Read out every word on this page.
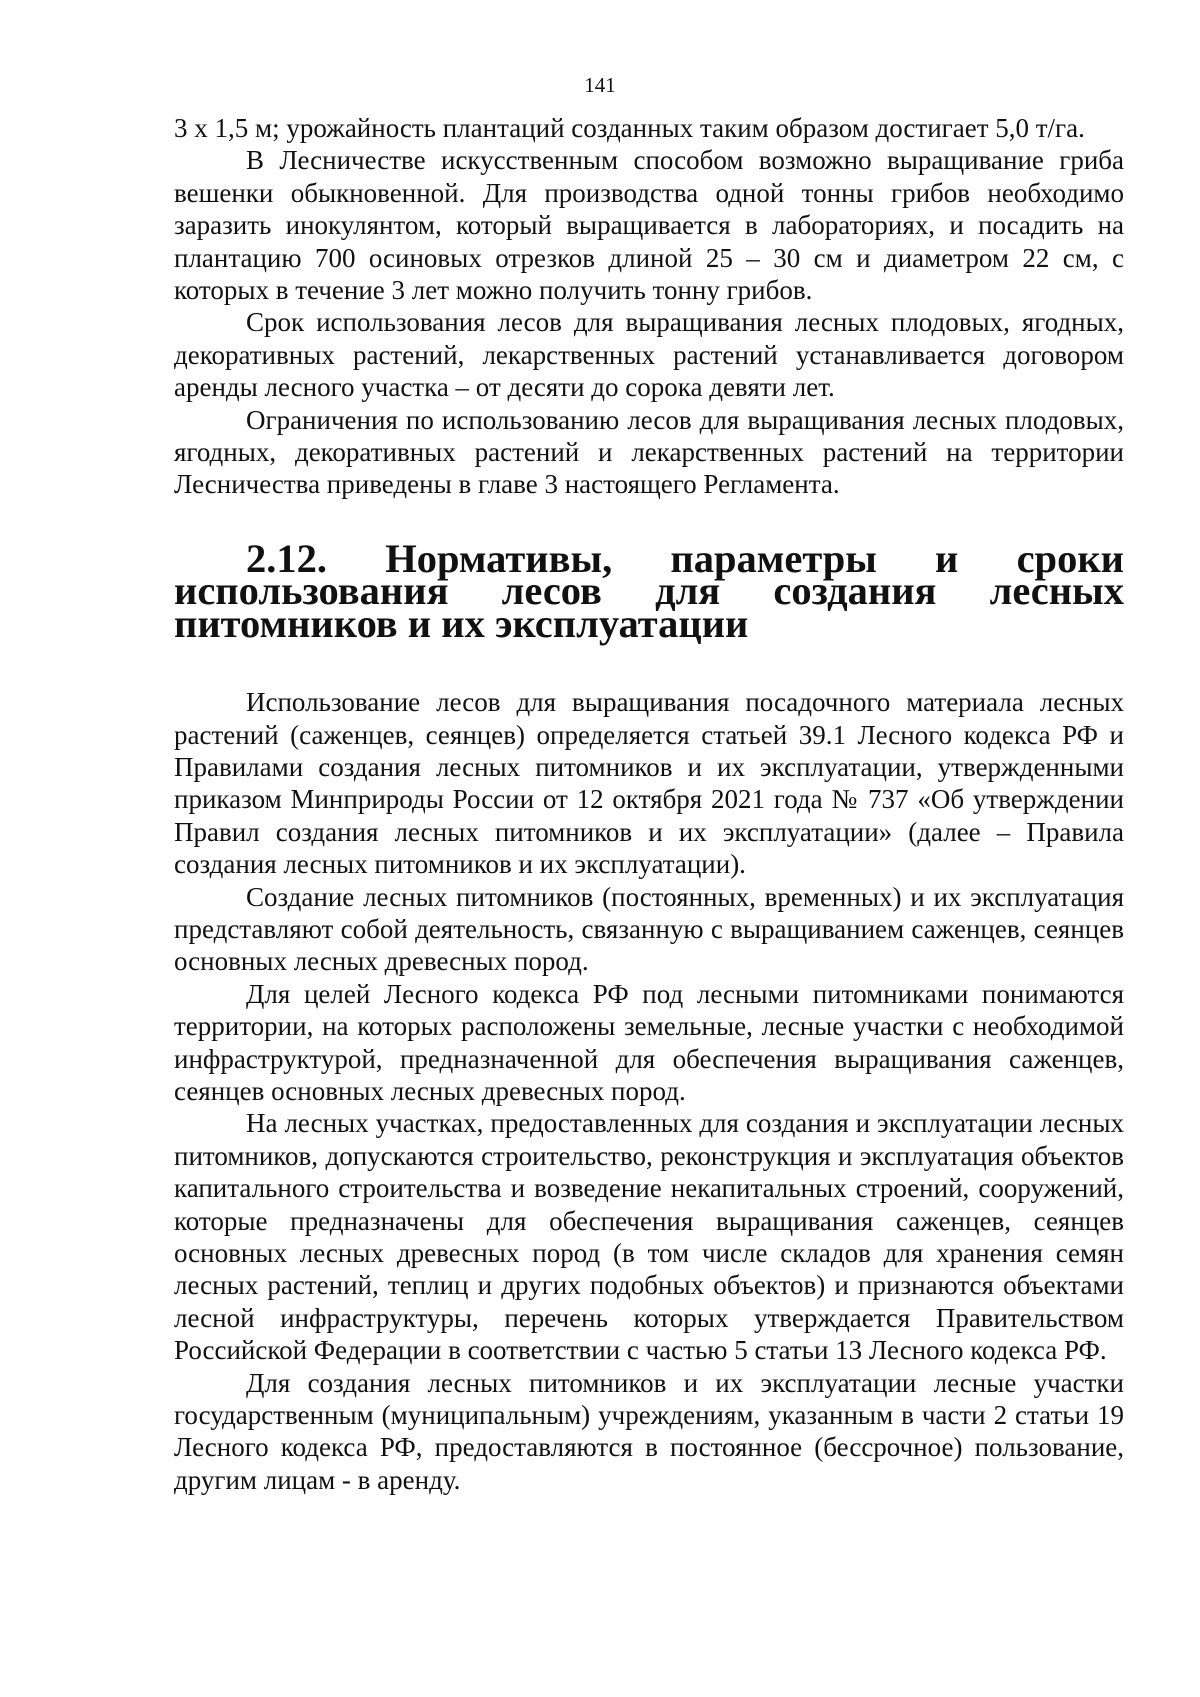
141

3 х 1,5 м; урожайность плантаций созданных таким образом достигает 5,0 т/га.

В Лесничестве искусственным способом возможно выращивание гриба вешенки обыкновенной. Для производства одной тонны грибов необходимо заразить инокулянтом, который выращивается в лабораториях, и посадить на плантацию 700 осиновых отрезков длиной 25 – 30 см и диаметром 22 см, с которых в течение 3 лет можно получить тонну грибов.

Срок использования лесов для выращивания лесных плодовых, ягодных, декоративных растений, лекарственных растений устанавливается договором аренды лесного участка – от десяти до сорока девяти лет.

Ограничения по использованию лесов для выращивания лесных плодовых, ягодных, декоративных растений и лекарственных растений на территории Лесничества приведены в главе 3 настоящего Регламента.

2.12. Нормативы, параметры и сроки использования лесов для создания лесных питомников и их эксплуатации

Использование лесов для выращивания посадочного материала лесных растений (саженцев, сеянцев) определяется статьей 39.1 Лесного кодекса РФ и Правилами создания лесных питомников и их эксплуатации, утвержденными приказом Минприроды России от 12 октября 2021 года № 737 «Об утверждении Правил создания лесных питомников и их эксплуатации» (далее – Правила создания лесных питомников и их эксплуатации).

Создание лесных питомников (постоянных, временных) и их эксплуатация представляют собой деятельность, связанную с выращиванием саженцев, сеянцев основных лесных древесных пород.

Для целей Лесного кодекса РФ под лесными питомниками понимаются территории, на которых расположены земельные, лесные участки с необходимой инфраструктурой, предназначенной для обеспечения выращивания саженцев, сеянцев основных лесных древесных пород.

На лесных участках, предоставленных для создания и эксплуатации лесных питомников, допускаются строительство, реконструкция и эксплуатация объектов капитального строительства и возведение некапитальных строений, сооружений, которые предназначены для обеспечения выращивания саженцев, сеянцев основных лесных древесных пород (в том числе складов для хранения семян лесных растений, теплиц и других подобных объектов) и признаются объектами лесной инфраструктуры, перечень которых утверждается Правительством Российской Федерации в соответствии с частью 5 статьи 13 Лесного кодекса РФ.

Для создания лесных питомников и их эксплуатации лесные участки государственным (муниципальным) учреждениям, указанным в части 2 статьи 19 Лесного кодекса РФ, предоставляются в постоянное (бессрочное) пользование, другим лицам - в аренду.
